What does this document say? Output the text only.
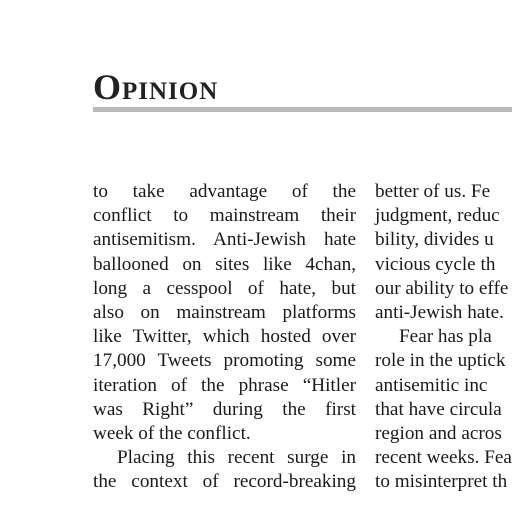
Opinion
to take advantage of the
conflict to mainstream their
antisemitism. Anti-Jewish hate
ballooned on sites like 4chan,
long a cesspool of hate, but
also on mainstream platforms
like Twitter, which hosted over
17,000 Tweets promoting some
iteration of the phrase “Hitler
was Right” during the first
week of the conflict.
Placing this recent surge in
the context of record-breaking
better of us. Fe
judgment, reduc
bility, divides u
vicious cycle th
our ability to effe
anti-Jewish hate.
Fear has pla
role in the uptick
antisemitic inc
that have circula
region and acros
recent weeks. Fea
to misinterpret th
